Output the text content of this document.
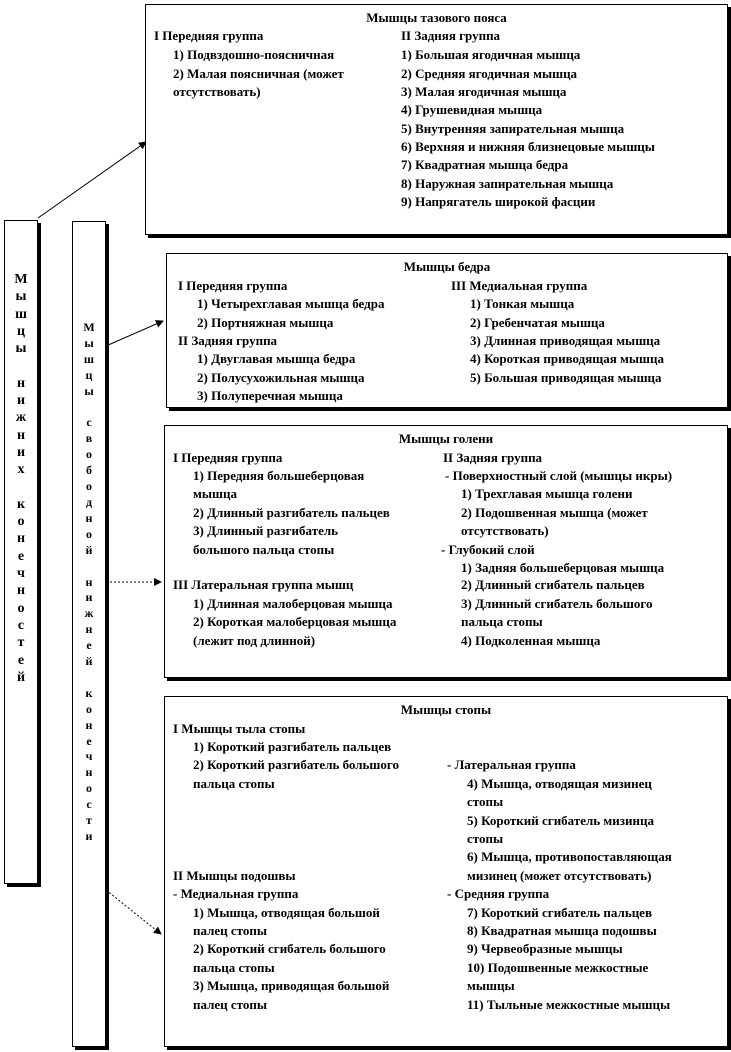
М
ы
ш
ц
ы

н
и
ж
н
и
х

к
о
н
е
ч
н
о
с
т
е
й
М
ы
ш
ц
ы

с
в
о
б
о
д
н
о
й

н
и
ж
н
е
й

к
о
н
е
ч
н
о
с
т
и
Мышцы тазового пояса
I Передняя группа
1) Подвздошно-поясничная
2) Малая поясничная (может
отсутствовать)
II Задняя группа
1) Большая ягодичная мышца
2) Средняя ягодичная мышца
3) Малая ягодичная мышца
4) Грушевидная мышца
5) Внутренняя запирательная мышца
6) Верхняя и нижняя близнецовые мышцы
7) Квадратная мышца бедра
8) Наружная запирательная мышца
9) Напрягатель широкой фасции
Мышцы бедра
I Передняя группа
1) Четырехглавая мышца бедра
2) Портняжная мышца
II Задняя группа
1) Двуглавая мышца бедра
2) Полусухожильная мышца
3) Полуперечная мышца
III Медиальная группа
1) Тонкая мышца
2) Гребенчатая мышца
3) Длинная приводящая мышца
4) Короткая приводящая мышца
5) Большая приводящая мышца
Мышцы голени
I Передняя группа
1) Передняя большеберцовая
мышца
2) Длинный разгибатель пальцев
3) Длинный разгибатель
большого пальца стопы
III Латеральная группа мышц
1) Длинная малоберцовая мышца
2) Короткая малоберцовая мышца
(лежит под длинной)
II Задняя группа
- Поверхностный слой (мышцы икры)
1) Трехглавая мышца голени
2) Подошвенная мышца (может
отсутствовать)
- Глубокий слой
1) Задняя большеберцовая мышца
2) Длинный сгибатель пальцев
3) Длинный сгибатель большого
пальца стопы
4) Подколенная мышца
Мышцы стопы
I Мышцы тыла стопы
1) Короткий разгибатель пальцев
2) Короткий разгибатель большого
пальца стопы
- Латеральная группа
4) Мышца, отводящая мизинец
стопы
5) Короткий сгибатель мизинца
стопы
6) Мышца, противопоставляющая
мизинец (может отсутствовать)
II Мышцы подошвы
- Медиальная группа
1) Мышца, отводящая большой
палец стопы
2) Короткий сгибатель большого
пальца стопы
3) Мышца, приводящая большой
палец стопы
- Средняя группа
7) Короткий сгибатель пальцев
8) Квадратная мышца подошвы
9) Червеобразные мышцы
10) Подошвенные межкостные
мышцы
11) Тыльные межкостные мышцы
